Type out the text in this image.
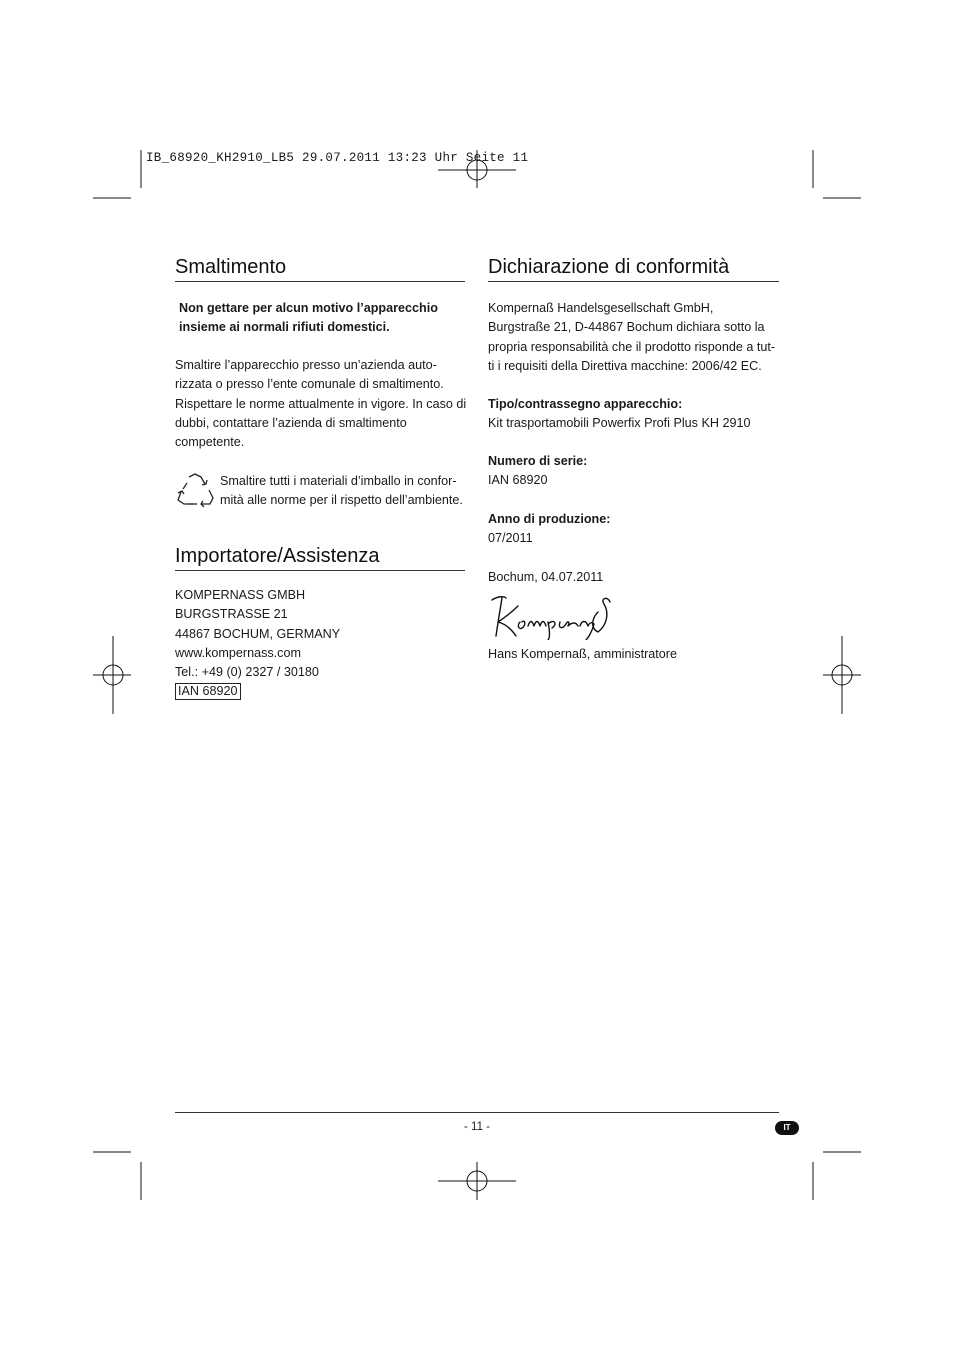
IB_68920_KH2910_LB5 29.07.2011 13:23 Uhr Seite 11
Smaltimento
Non gettare per alcun motivo l’apparecchio
insieme ai normali rifiuti domestici.
Smaltire l’apparecchio presso un’azienda auto-
rizzata o presso l’ente comunale di smaltimento.
Rispettare le norme attualmente in vigore. In caso di
dubbi, contattare l’azienda di smaltimento
competente.
Smaltire tutti i materiali d’imballo in confor-
mità alle norme per il rispetto dell’ambiente.
Importatore/Assistenza
KOMPERNASS GMBH
BURGSTRASSE 21
44867 BOCHUM, GERMANY
www.kompernass.com
Tel.: +49 (0) 2327 / 30180
IAN 68920
Dichiarazione di conformità
Kompernaß Handelsgesellschaft GmbH,
Burgstraße 21, D-44867 Bochum dichiara sotto la
propria responsabilità che il prodotto risponde a tut-
ti i requisiti della Direttiva macchine: 2006/42 EC.
Tipo/contrassegno apparecchio:
Kit trasportamobili Powerfix Profi Plus KH 2910
Numero di serie:
IAN 68920
Anno di produzione:
07/2011
Bochum, 04.07.2011
Hans Kompernaß, amministratore
- 11 -	IT
